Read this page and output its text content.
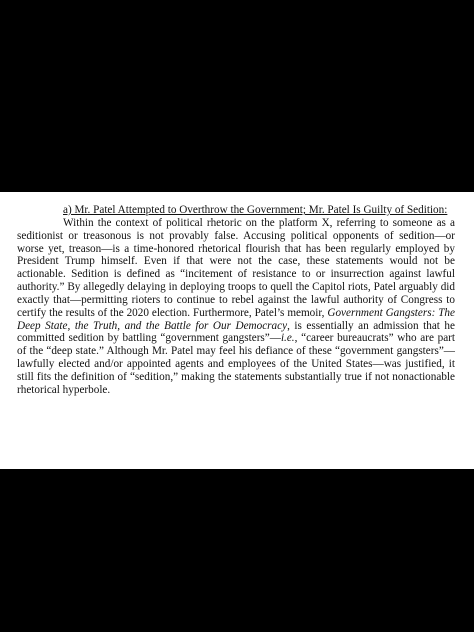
a) Mr. Patel Attempted to Overthrow the Government; Mr. Patel Is Guilty of Sedition:

Within the context of political rhetoric on the platform X, referring to someone as a seditionist or treasonous is not provably false. Accusing political opponents of sedition—or worse yet, treason—is a time-honored rhetorical flourish that has been regularly employed by President Trump himself. Even if that were not the case, these statements would not be actionable. Sedition is defined as “incitement of resistance to or insurrection against lawful authority.” By allegedly delaying in deploying troops to quell the Capitol riots, Patel arguably did exactly that—permitting rioters to continue to rebel against the lawful authority of Congress to certify the results of the 2020 election. Furthermore, Patel’s memoir, Government Gangsters: The Deep State, the Truth, and the Battle for Our Democracy, is essentially an admission that he committed sedition by battling “government gangsters”—i.e., “career bureaucrats” who are part of the “deep state.” Although Mr. Patel may feel his defiance of these “government gangsters”—lawfully elected and/or appointed agents and employees of the United States—was justified, it still fits the definition of “sedition,” making the statements substantially true if not nonactionable rhetorical hyperbole.
